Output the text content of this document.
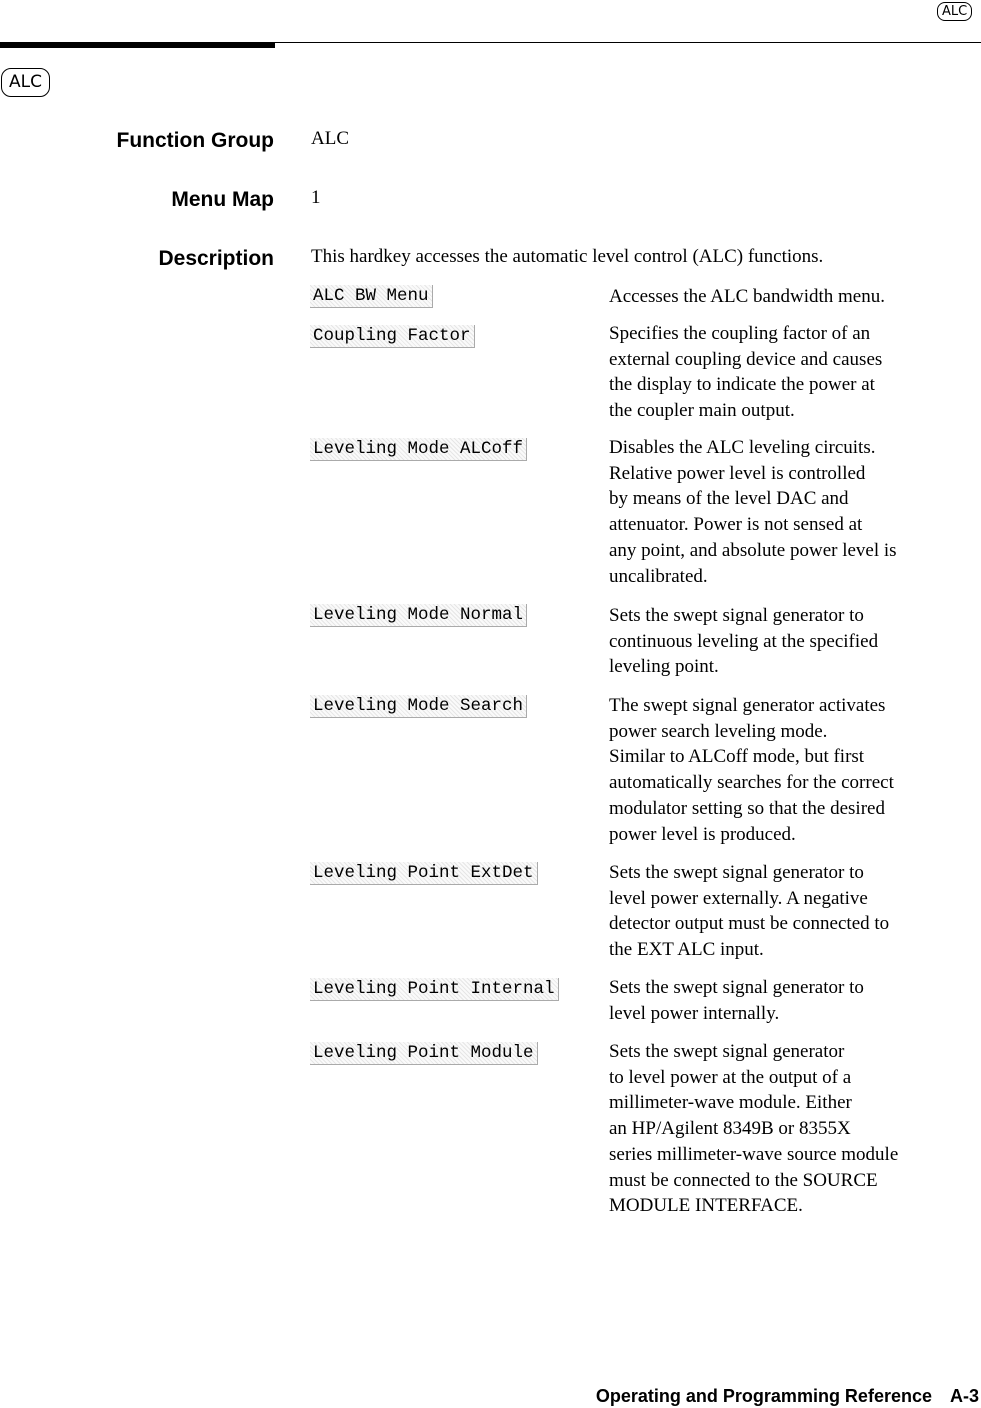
ALC
ALC
Function Group ALC
Menu Map 1
Description This hardkey accesses the automatic level control (ALC) functions.
ALC BW Menu	Accesses the ALC bandwidth menu.
Coupling Factor	Specifies the coupling factor of an
external coupling device and causes
the display to indicate the power at
the coupler main output.
Leveling Mode ALCoff	Disables the ALC leveling circuits.
Relative power level is controlled
by means of the level DAC and
attenuator. Power is not sensed at
any point, and absolute power level is
uncalibrated.
Leveling Mode Normal	Sets the swept signal generator to
continuous leveling at the specified
leveling point.
Leveling Mode Search	The swept signal generator activates
power search leveling mode.
Similar to ALCoff mode, but first
automatically searches for the correct
modulator setting so that the desired
power level is produced.
Leveling Point ExtDet	Sets the swept signal generator to
level power externally. A negative
detector output must be connected to
the EXT ALC input.
Leveling Point Internal	Sets the swept signal generator to
level power internally.
Leveling Point Module	Sets the swept signal generator
to level power at the output of a
millimeter-wave module. Either
an HP/Agilent 8349B or 8355X
series millimeter-wave source module
must be connected to the SOURCE
MODULE INTERFACE.
Operating and Programming Reference A-3
